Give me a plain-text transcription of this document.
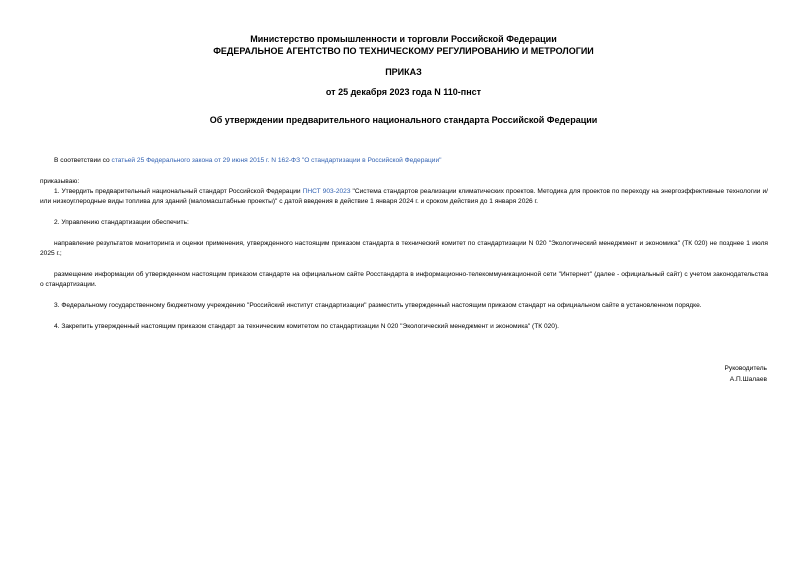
Министерство промышленности и торговли Российской Федерации
ФЕДЕРАЛЬНОЕ АГЕНТСТВО ПО ТЕХНИЧЕСКОМУ РЕГУЛИРОВАНИЮ И МЕТРОЛОГИИ
ПРИКАЗ
от 25 декабря 2023 года N 110-пнст
Об утверждении предварительного национального стандарта Российской Федерации
В соответствии со статьей 25 Федерального закона от 29 июня 2015 г. N 162-ФЗ "О стандартизации в Российской Федерации"
приказываю:
1. Утвердить предварительный национальный стандарт Российской Федерации ПНСТ 903-2023 "Система стандартов реализации климатических проектов. Методика для проектов по переходу на энергоэффективные технологии и/или низкоуглеродные виды топлива для зданий (маломасштабные проекты)" с датой введения в действие 1 января 2024 г. и сроком действия до 1 января 2026 г.
2. Управлению стандартизации обеспечить:
направление результатов мониторинга и оценки применения, утвержденного настоящим приказом стандарта в технический комитет по стандартизации N 020 "Экологический менеджмент и экономика" (ТК 020) не позднее 1 июля 2025 г.;
размещение информации об утвержденном настоящим приказом стандарте на официальном сайте Росстандарта в информационно-телекоммуникационной сети "Интернет" (далее - официальный сайт) с учетом законодательства о стандартизации.
3. Федеральному государственному бюджетному учреждению "Российский институт стандартизации" разместить утвержденный настоящим приказом стандарт на официальном сайте в установленном порядке.
4. Закрепить утвержденный настоящим приказом стандарт за техническим комитетом по стандартизации N 020 "Экологический менеджмент и экономика" (ТК 020).
Руководитель
А.П.Шалаев
